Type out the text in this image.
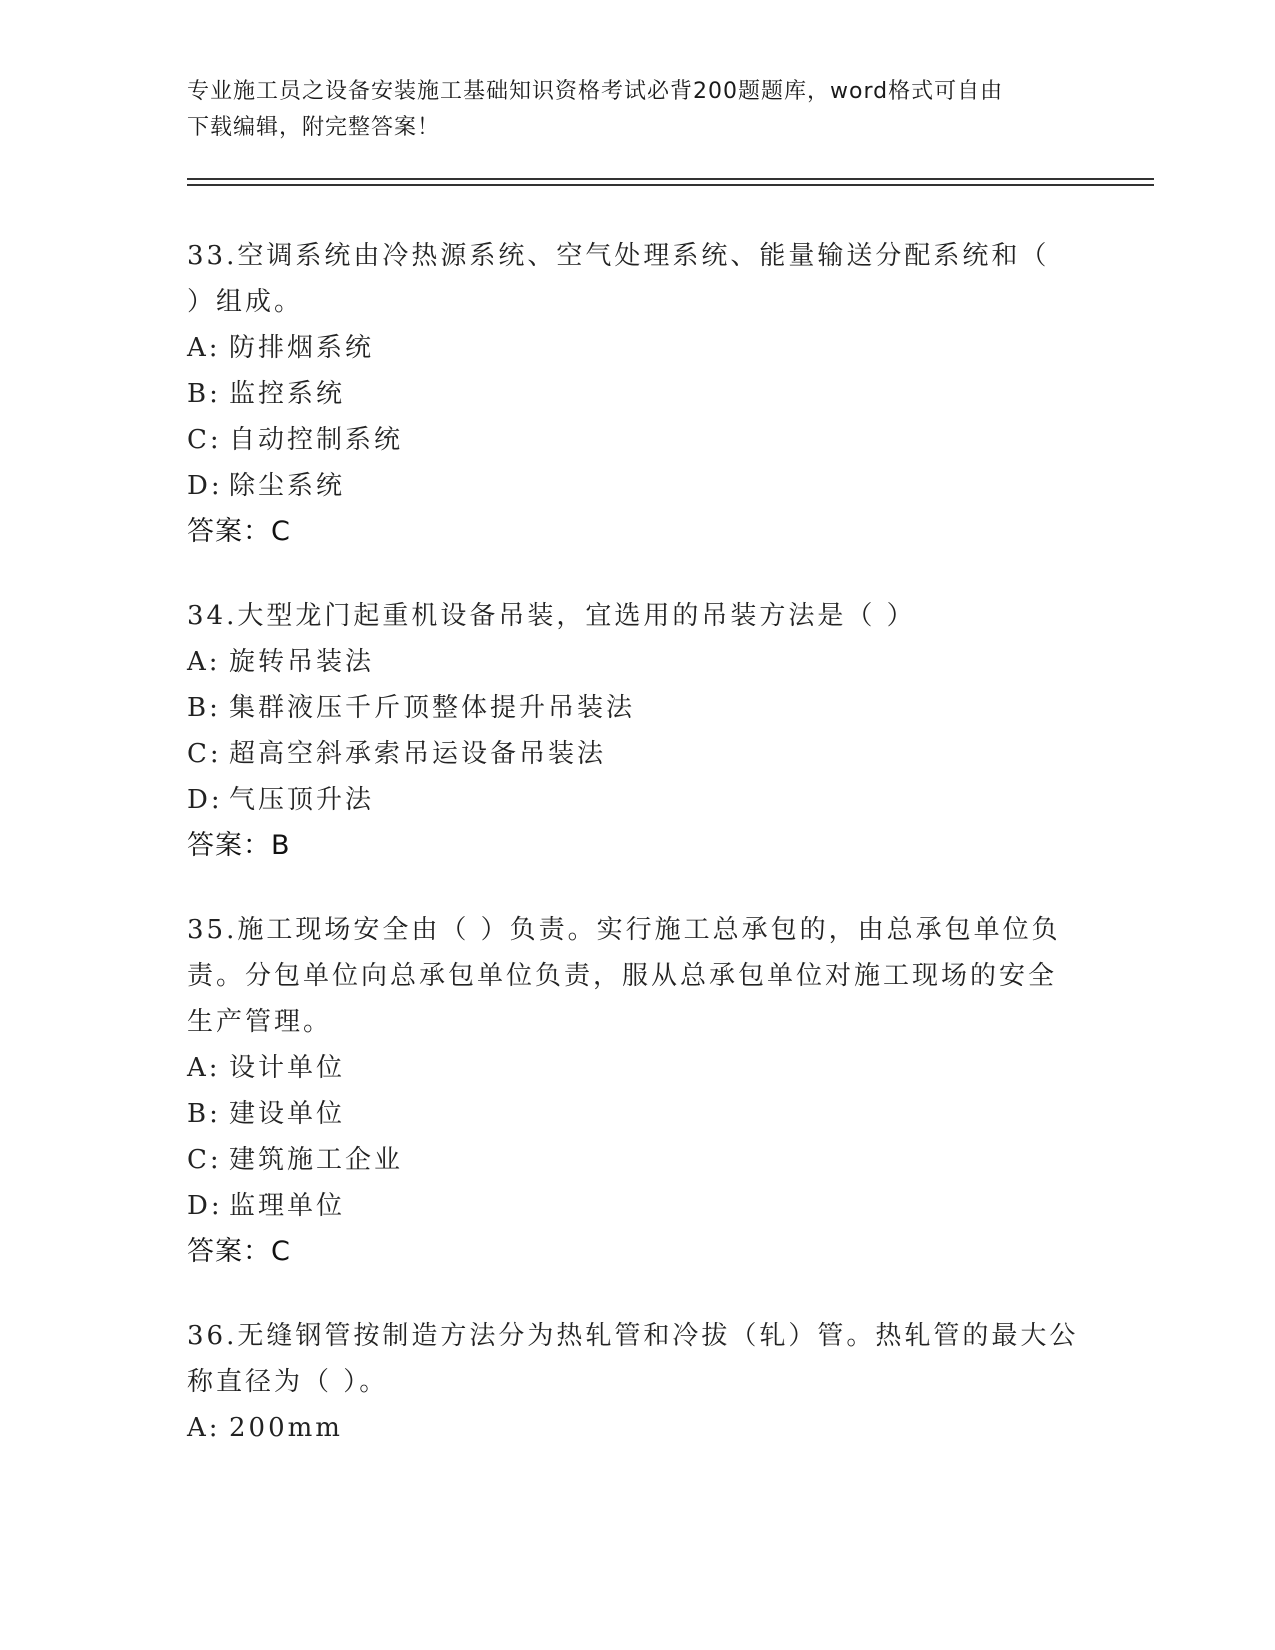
专业施工员之设备安装施工基础知识资格考试必背200题题库，word格式可自由
下载编辑，附完整答案！
33.空调系统由冷热源系统、空气处理系统、能量输送分配系统和（
）组成。
A: 防排烟系统
B: 监控系统
C: 自动控制系统
D: 除尘系统
答案：C
34.大型龙门起重机设备吊装，宜选用的吊装方法是（ ）
A: 旋转吊装法
B: 集群液压千斤顶整体提升吊装法
C: 超高空斜承索吊运设备吊装法
D: 气压顶升法
答案：B
35.施工现场安全由（ ）负责。实行施工总承包的，由总承包单位负
责。分包单位向总承包单位负责，服从总承包单位对施工现场的安全
生产管理。
A: 设计单位
B: 建设单位
C: 建筑施工企业
D: 监理单位
答案：C
36.无缝钢管按制造方法分为热轧管和冷拔（轧）管。热轧管的最大公
称直径为（ ）。
A: 200mm
